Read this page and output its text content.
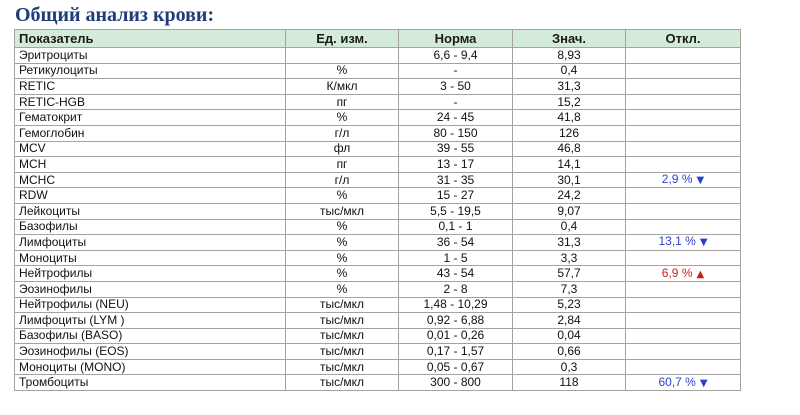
Общий анализ крови:
Показатель	Ед. изм.	Норма	Знач.	Откл.
Эритроциты		6,6 - 9,4	8,93	
Ретикулоциты	%	-	0,4	
RETIC	К/мкл	3 - 50	31,3	
RETIC-HGB	пг	-	15,2	
Гематокрит	%	24 - 45	41,8	
Гемоглобин	г/л	80 - 150	126	
MCV	фл	39 - 55	46,8	
MCH	пг	13 - 17	14,1	
MCHC	г/л	31 - 35	30,1	2,9 % ▼
RDW	%	15 - 27	24,2	
Лейкоциты	тыс/мкл	5,5 - 19,5	9,07	
Базофилы	%	0,1 - 1	0,4	
Лимфоциты	%	36 - 54	31,3	13,1 % ▼
Моноциты	%	1 - 5	3,3	
Нейтрофилы	%	43 - 54	57,7	6,9 % ▲
Эозинофилы	%	2 - 8	7,3	
Нейтрофилы (NEU)	тыс/мкл	1,48 - 10,29	5,23	
Лимфоциты (LYM )	тыс/мкл	0,92 - 6,88	2,84	
Базофилы (BASO)	тыс/мкл	0,01 - 0,26	0,04	
Эозинофилы (EOS)	тыс/мкл	0,17 - 1,57	0,66	
Моноциты (MONO)	тыс/мкл	0,05 - 0,67	0,3	
Тромбоциты	тыс/мкл	300 - 800	118	60,7 % ▼
